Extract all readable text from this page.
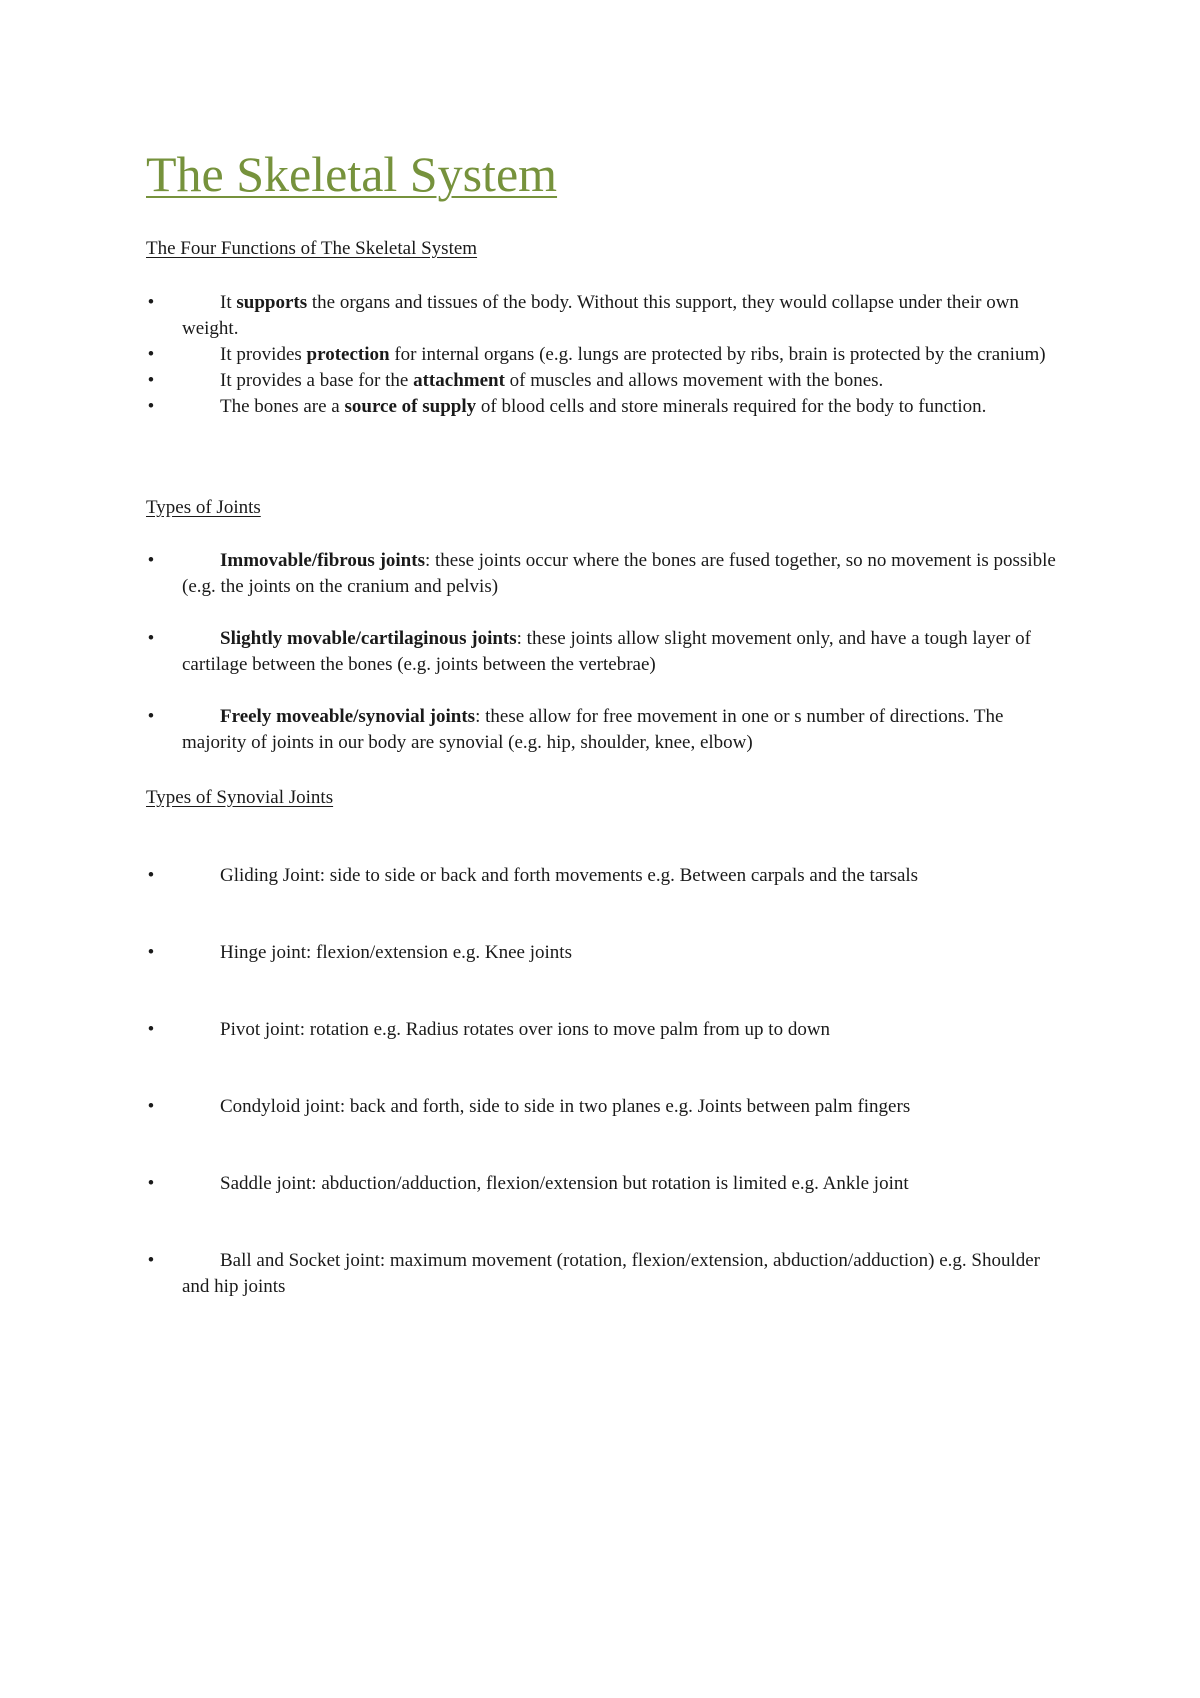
The Skeletal System
The Four Functions of The Skeletal System
•	It supports the organs and tissues of the body. Without this support, they would collapse under their own weight.
•	It provides protection for internal organs (e.g. lungs are protected by ribs, brain is protected by the cranium)
•	It provides a base for the attachment of muscles and allows movement with the bones.
•	The bones are a source of supply of blood cells and store minerals required for the body to function.
Types of Joints
•	Immovable/fibrous joints: these joints occur where the bones are fused together, so no movement is possible (e.g. the joints on the cranium and pelvis)
•	Slightly movable/cartilaginous joints: these joints allow slight movement only, and have a tough layer of cartilage between the bones (e.g. joints between the vertebrae)
•	Freely moveable/synovial joints: these allow for free movement in one or s number of directions. The majority of joints in our body are synovial (e.g. hip, shoulder, knee, elbow)
Types of Synovial Joints
•	Gliding Joint: side to side or back and forth movements e.g. Between carpals and the tarsals
•	Hinge joint: flexion/extension e.g. Knee joints
•	Pivot joint: rotation e.g. Radius rotates over ions to move palm from up to down
•	Condyloid joint: back and forth, side to side in two planes e.g. Joints between palm fingers
•	Saddle joint: abduction/adduction, flexion/extension but rotation is limited e.g. Ankle joint
•	Ball and Socket joint: maximum movement (rotation, flexion/extension, abduction/adduction) e.g. Shoulder and hip joints
